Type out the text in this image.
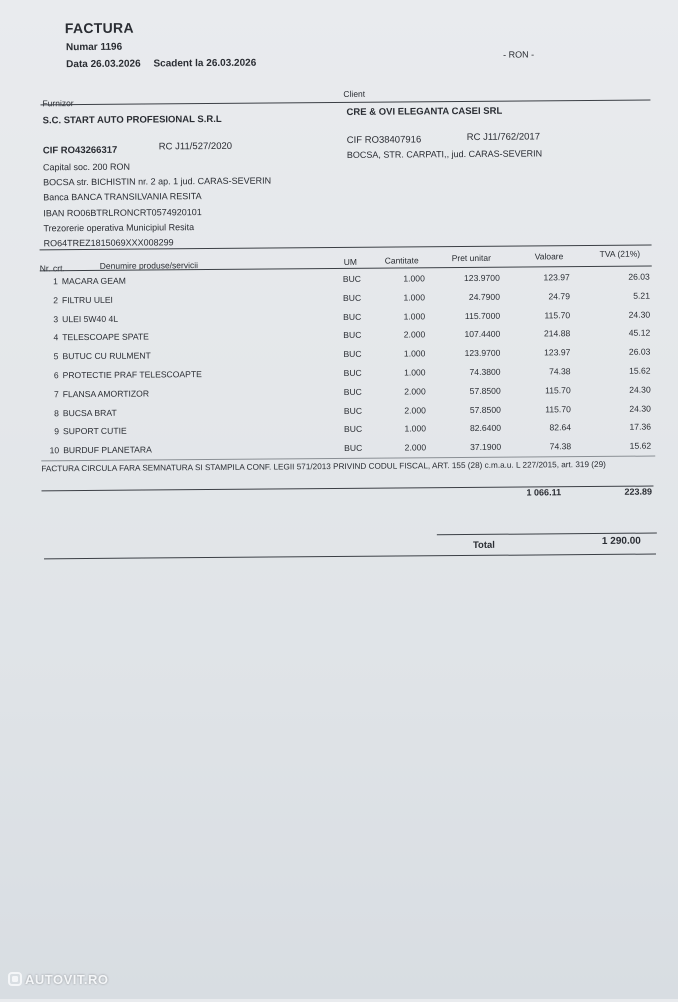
FACTURA
Numar 1196
Data 26.03.2026 Scadent la 26.03.2026
- RON -
Furnizor
Client
S.C. START AUTO PROFESIONAL S.R.L
CIF RO43266317	RC J11/527/2020
Capital soc. 200 RON
BOCSA str. BICHISTIN nr. 2 ap. 1 jud. CARAS-SEVERIN
Banca BANCA TRANSILVANIA RESITA
IBAN RO06BTRLRONCRT0574920101
Trezorerie operativa Municipiul Resita
RO64TREZ1815069XXX008299
CRE & OVI ELEGANTA CASEI SRL
CIF RO38407916	RC J11/762/2017
BOCSA, STR. CARPATI,, jud. CARAS-SEVERIN
Nr. crt.	Denumire produse/servicii	UM	Cantitate	Pret unitar	Valoare	TVA (21%)
1 MACARA GEAM	BUC	1.000	123.9700	123.97	26.03
2 FILTRU ULEI	BUC	1.000	24.7900	24.79	5.21
3 ULEI 5W40 4L	BUC	1.000	115.7000	115.70	24.30
4 TELESCOAPE SPATE	BUC	2.000	107.4400	214.88	45.12
5 BUTUC CU RULMENT	BUC	1.000	123.9700	123.97	26.03
6 PROTECTIE PRAF TELESCOAPTE	BUC	1.000	74.3800	74.38	15.62
7 FLANSA AMORTIZOR	BUC	2.000	57.8500	115.70	24.30
8 BUCSA BRAT	BUC	2.000	57.8500	115.70	24.30
9 SUPORT CUTIE	BUC	1.000	82.6400	82.64	17.36
10 BURDUF PLANETARA	BUC	2.000	37.1900	74.38	15.62
FACTURA CIRCULA FARA SEMNATURA SI STAMPILA CONF. LEGII 571/2013 PRIVIND CODUL FISCAL, ART. 155 (28) c.m.a.u. L 227/2015, art. 319 (29)
1 066.11	223.89
Total	1 290.00
AUTOVIT.RO
